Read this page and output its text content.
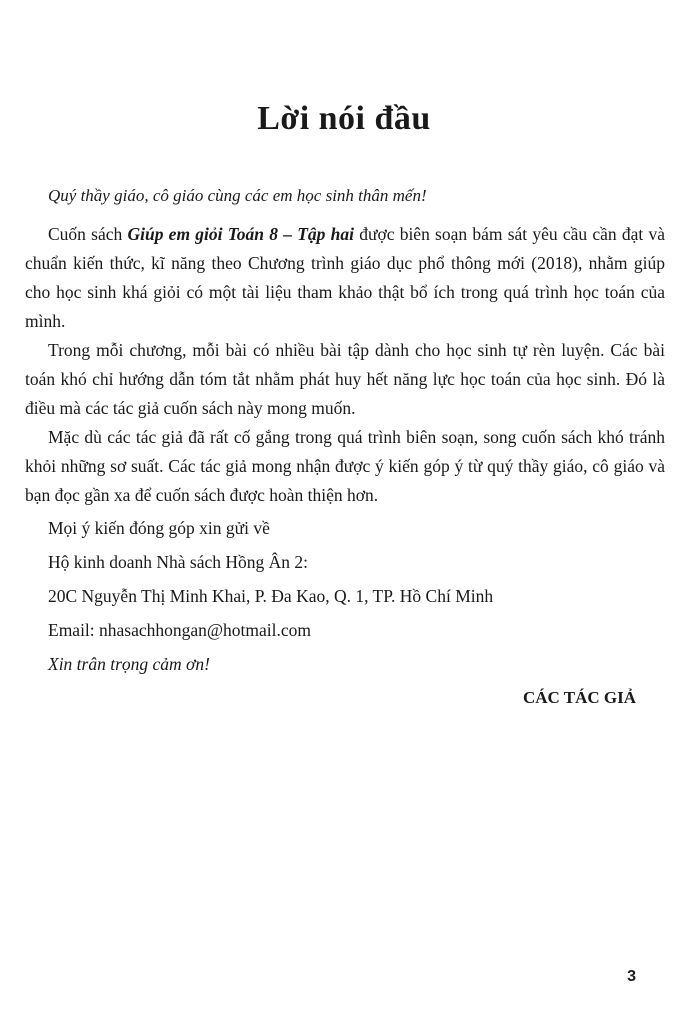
Lời nói đầu

Quý thầy giáo, cô giáo cùng các em học sinh thân mến!

Cuốn sách Giúp em giỏi Toán 8 – Tập hai được biên soạn bám sát yêu cầu cần đạt và chuẩn kiến thức, kĩ năng theo Chương trình giáo dục phổ thông mới (2018), nhằm giúp cho học sinh khá giỏi có một tài liệu tham khảo thật bổ ích trong quá trình học toán của mình.

Trong mỗi chương, mỗi bài có nhiều bài tập dành cho học sinh tự rèn luyện. Các bài toán khó chỉ hướng dẫn tóm tắt nhằm phát huy hết năng lực học toán của học sinh. Đó là điều mà các tác giả cuốn sách này mong muốn.

Mặc dù các tác giả đã rất cố gắng trong quá trình biên soạn, song cuốn sách khó tránh khỏi những sơ suất. Các tác giả mong nhận được ý kiến góp ý từ quý thầy giáo, cô giáo và bạn đọc gần xa để cuốn sách được hoàn thiện hơn.

Mọi ý kiến đóng góp xin gửi về

Hộ kinh doanh Nhà sách Hồng Ân 2:

20C Nguyễn Thị Minh Khai, P. Đa Kao, Q. 1, TP. Hồ Chí Minh

Email: nhasachhongan@hotmail.com

Xin trân trọng cảm ơn!

CÁC TÁC GIẢ

3
